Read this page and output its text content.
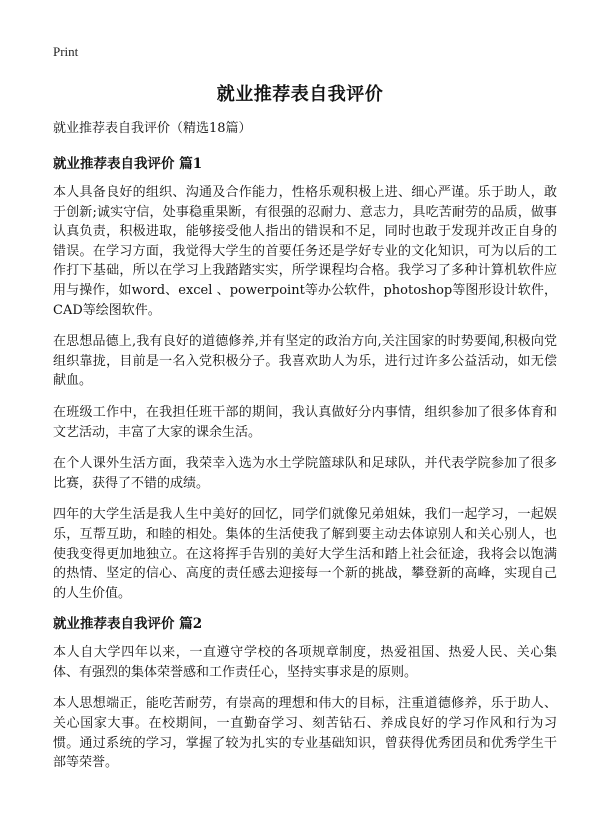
Print
就业推荐表自我评价

就业推荐表自我评价（精选18篇）

就业推荐表自我评价 篇1

本人具备良好的组织、沟通及合作能力，性格乐观积极上进、细心严谨。乐于助人，敢于创新;诚实守信，处事稳重果断，有很强的忍耐力、意志力，具吃苦耐劳的品质，做事认真负责，积极进取，能够接受他人指出的错误和不足，同时也敢于发现并改正自身的错误。在学习方面，我觉得大学生的首要任务还是学好专业的文化知识，可为以后的工作打下基础，所以在学习上我踏踏实实，所学课程均合格。我学习了多种计算机软件应用与操作，如word、excel 、powerpoint等办公软件，photoshop等图形设计软件，CAD等绘图软件。

在思想品德上,我有良好的道德修养,并有坚定的政治方向,关注国家的时势要闻,积极向党组织靠拢，目前是一名入党积极分子。我喜欢助人为乐，进行过许多公益活动，如无偿献血。

在班级工作中，在我担任班干部的期间，我认真做好分内事情，组织参加了很多体育和文艺活动，丰富了大家的课余生活。

在个人课外生活方面，我荣幸入选为水土学院篮球队和足球队，并代表学院参加了很多比赛，获得了不错的成绩。

四年的大学生活是我人生中美好的回忆，同学们就像兄弟姐妹，我们一起学习，一起娱乐，互帮互助，和睦的相处。集体的生活使我了解到要主动去体谅别人和关心别人，也使我变得更加地独立。在这将挥手告别的美好大学生活和踏上社会征途，我将会以饱满的热情、坚定的信心、高度的责任感去迎接每一个新的挑战，攀登新的高峰，实现自己的人生价值。

就业推荐表自我评价 篇2

本人自大学四年以来，一直遵守学校的各项规章制度，热爱祖国、热爱人民、关心集体、有强烈的集体荣誉感和工作责任心，坚持实事求是的原则。

本人思想端正，能吃苦耐劳，有崇高的理想和伟大的目标，注重道德修养，乐于助人、关心国家大事。在校期间，一直勤奋学习、刻苦钻石、养成良好的学习作风和行为习惯。通过系统的学习，掌握了较为扎实的专业基础知识，曾获得优秀团员和优秀学生干部等荣誉。
